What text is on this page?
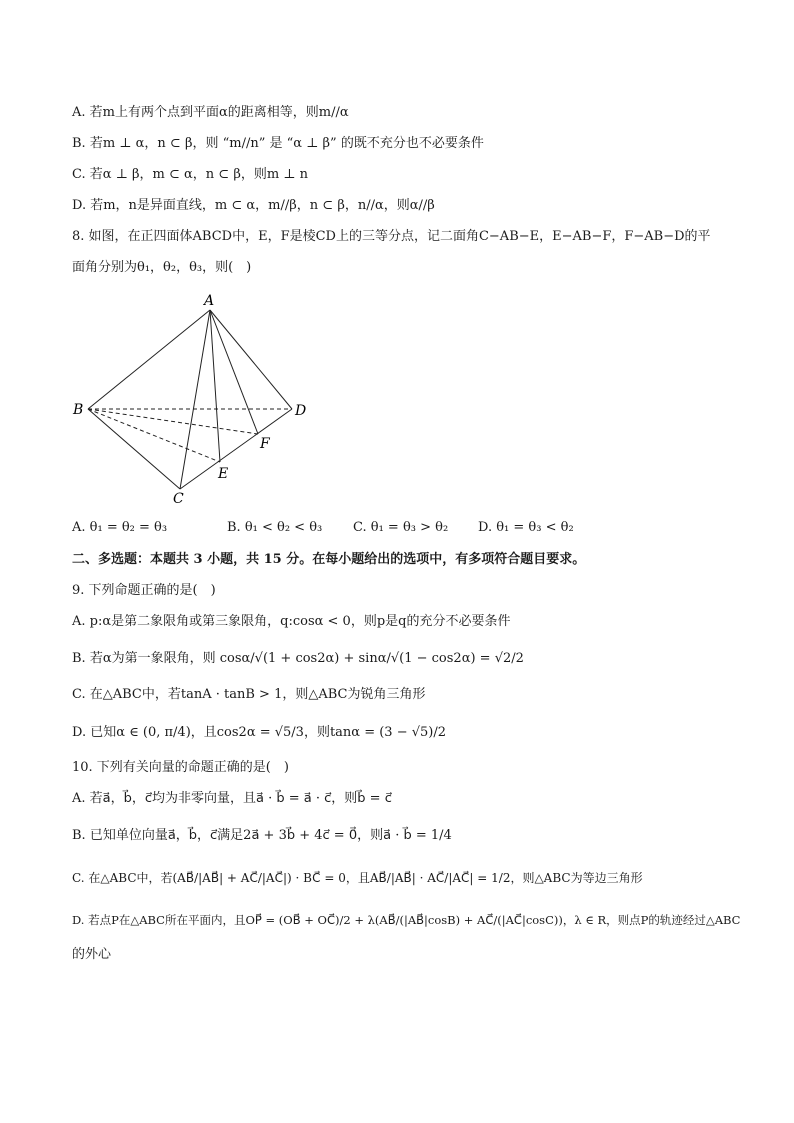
A. 若m上有两个点到平面α的距离相等，则m//α
B. 若m ⊥ α，n ⊂ β，则 “m//n” 是 “α ⊥ β” 的既不充分也不必要条件
C. 若α ⊥ β，m ⊂ α，n ⊂ β，则m ⊥ n
D. 若m，n是异面直线，m ⊂ α，m//β，n ⊂ β，n//α，则α//β
8. 如图，在正四面体ABCD中，E，F是棱CD上的三等分点，记二面角C−AB−E，E−AB−F，F−AB−D的平
面角分别为θ₁，θ₂，θ₃，则(　)
A
B
C
D
E
F
A. θ₁ = θ₂ = θ₃	B. θ₁ < θ₂ < θ₃ C. θ₁ = θ₃ > θ₂ D. θ₁ = θ₃ < θ₂
二、多选题：本题共 3 小题，共 15 分。在每小题给出的选项中，有多项符合题目要求。
9. 下列命题正确的是(　)
A. p:α是第二象限角或第三象限角，q:cosα < 0，则p是q的充分不必要条件
B. 若α为第一象限角，则 cosα/√(1 + cos2α) + sinα/√(1 − cos2α) = √2/2
C. 在△ABC中，若tanA · tanB > 1，则△ABC为锐角三角形
D. 已知α ∈ (0, π/4)，且cos2α = √5/3，则tanα = (3 − √5)/2
10. 下列有关向量的命题正确的是(　)
A. 若a⃗，b⃗，c⃗均为非零向量，且a⃗ · b⃗ = a⃗ · c⃗，则b⃗ = c⃗
B. 已知单位向量a⃗，b⃗，c⃗满足2a⃗ + 3b⃗ + 4c⃗ = 0⃗，则a⃗ · b⃗ = 1/4
C. 在△ABC中，若(AB⃗/|AB⃗| + AC⃗/|AC⃗|) · BC⃗ = 0，且AB⃗/|AB⃗| · AC⃗/|AC⃗| = 1/2，则△ABC为等边三角形
D. 若点P在△ABC所在平面内，且OP⃗ = (OB⃗ + OC⃗)/2 + λ(AB⃗/(|AB⃗|cosB) + AC⃗/(|AC⃗|cosC))，λ ∈ R，则点P的轨迹经过△ABC
的外心
